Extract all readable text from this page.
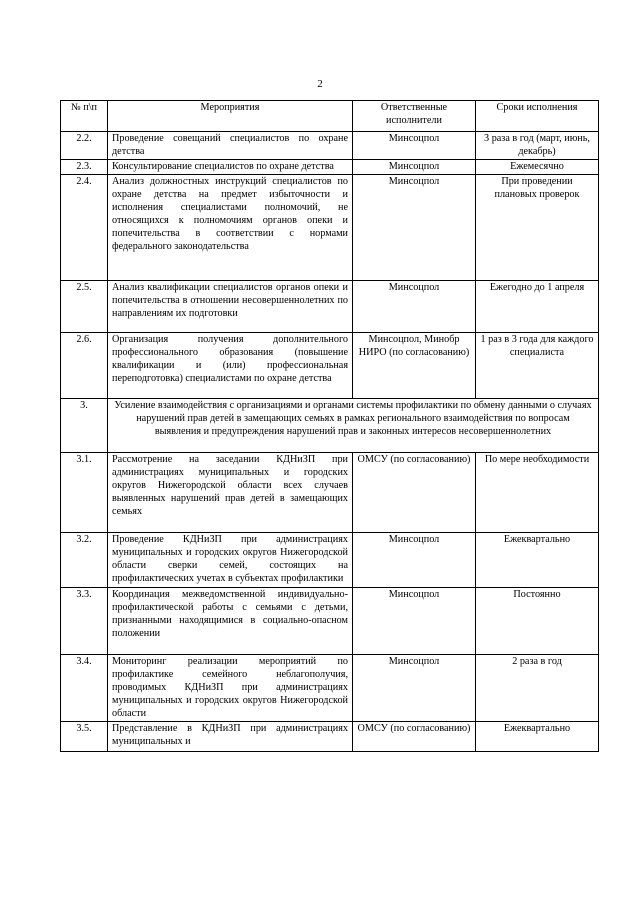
2
№ п\п	Мероприятия	Ответственные исполнители	Сроки исполнения
2.2.	Проведение совещаний специалистов по охране детства	Минсоцпол	3 раза в год (март, июнь, декабрь)
2.3.	Консультирование специалистов по охране детства	Минсоцпол	Ежемесячно
2.4.	Анализ должностных инструкций специалистов по охране детства на предмет избыточности и исполнения специалистами полномочий, не относящихся к полномочиям органов опеки и попечительства в соответствии с нормами федерального законодательства	Минсоцпол	При проведении плановых проверок
2.5.	Анализ квалификации специалистов органов опеки и попечительства в отношении несовершеннолетних по направлениям их подготовки	Минсоцпол	Ежегодно до 1 апреля
2.6.	Организация получения дополнительного профессионального образования (повышение квалификации и (или) профессиональная переподготовка) специалистами по охране детства	Минсоцпол, Минобр НИРО (по согласованию)	1 раз в 3 года для каждого специалиста
3.	Усиление взаимодействия с организациями и органами системы профилактики по обмену данными о случаях нарушений прав детей в замещающих семьях в рамках регионального взаимодействия по вопросам выявления и предупреждения нарушений прав и законных интересов несовершеннолетних		
3.1.	Рассмотрение на заседании КДНиЗП при администрациях муниципальных и городских округов Нижегородской области всех случаев выявленных нарушений прав детей в замещающих семьях	ОМСУ (по согласованию)	По мере необходимости
3.2.	Проведение КДНиЗП при администрациях муниципальных и городских округов Нижегородской области сверки семей, состоящих на профилактических учетах в субъектах профилактики	Минсоцпол	Ежеквартально
3.3.	Координация межведомственной индивидуально-профилактической работы с семьями с детьми, признанными находящимися в социально-опасном положении	Минсоцпол	Постоянно
3.4.	Мониторинг реализации мероприятий по профилактике семейного неблагополучия, проводимых КДНиЗП при администрациях муниципальных и городских округов Нижегородской области	Минсоцпол	2 раза в год
3.5.	Представление в КДНиЗП при администрациях муниципальных и	ОМСУ (по согласованию)	Ежеквартально
